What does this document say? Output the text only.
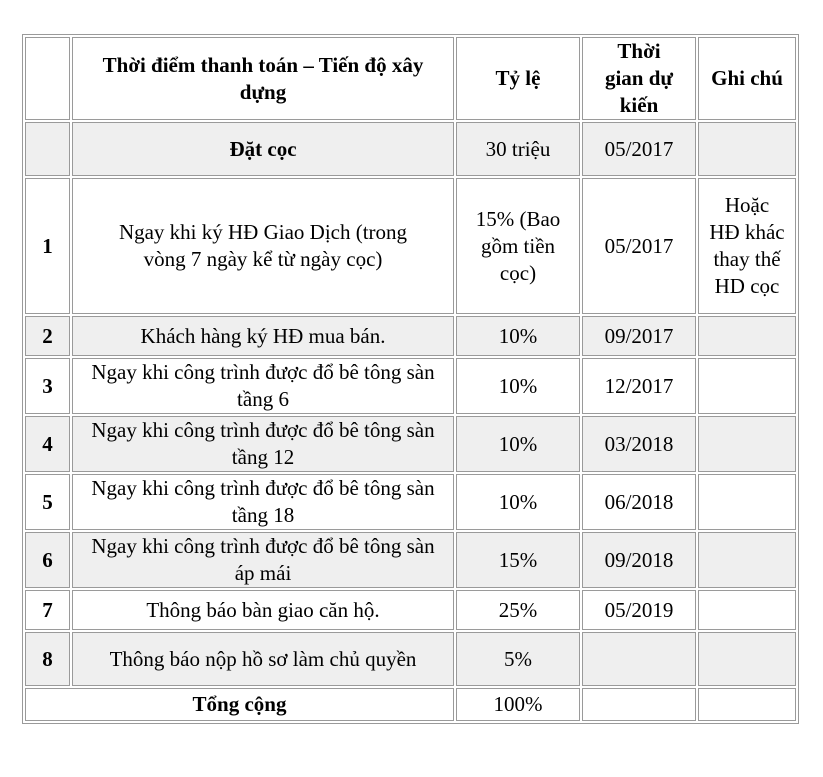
	Thời điểm thanh toán – Tiến độ xây dựng	Tỷ lệ	Thời gian dự kiến	Ghi chú
	Đặt cọc	30 triệu	05/2017	
1	Ngay khi ký HĐ Giao Dịch (trong vòng 7 ngày kể từ ngày cọc)	15% (Bao gồm tiền cọc)	05/2017	Hoặc HĐ khác thay thế HD cọc
2	Khách hàng ký HĐ mua bán.	10%	09/2017	
3	Ngay khi công trình được đổ bê tông sàn tầng 6	10%	12/2017	
4	Ngay khi công trình được đổ bê tông sàn tầng 12	10%	03/2018	
5	Ngay khi công trình được đổ bê tông sàn tầng 18	10%	06/2018	
6	Ngay khi công trình được đổ bê tông sàn áp mái	15%	09/2018	
7	Thông báo bàn giao căn hộ.	25%	05/2019	
8	Thông báo nộp hồ sơ làm chủ quyền	5%		
Tổng cộng		100%		
